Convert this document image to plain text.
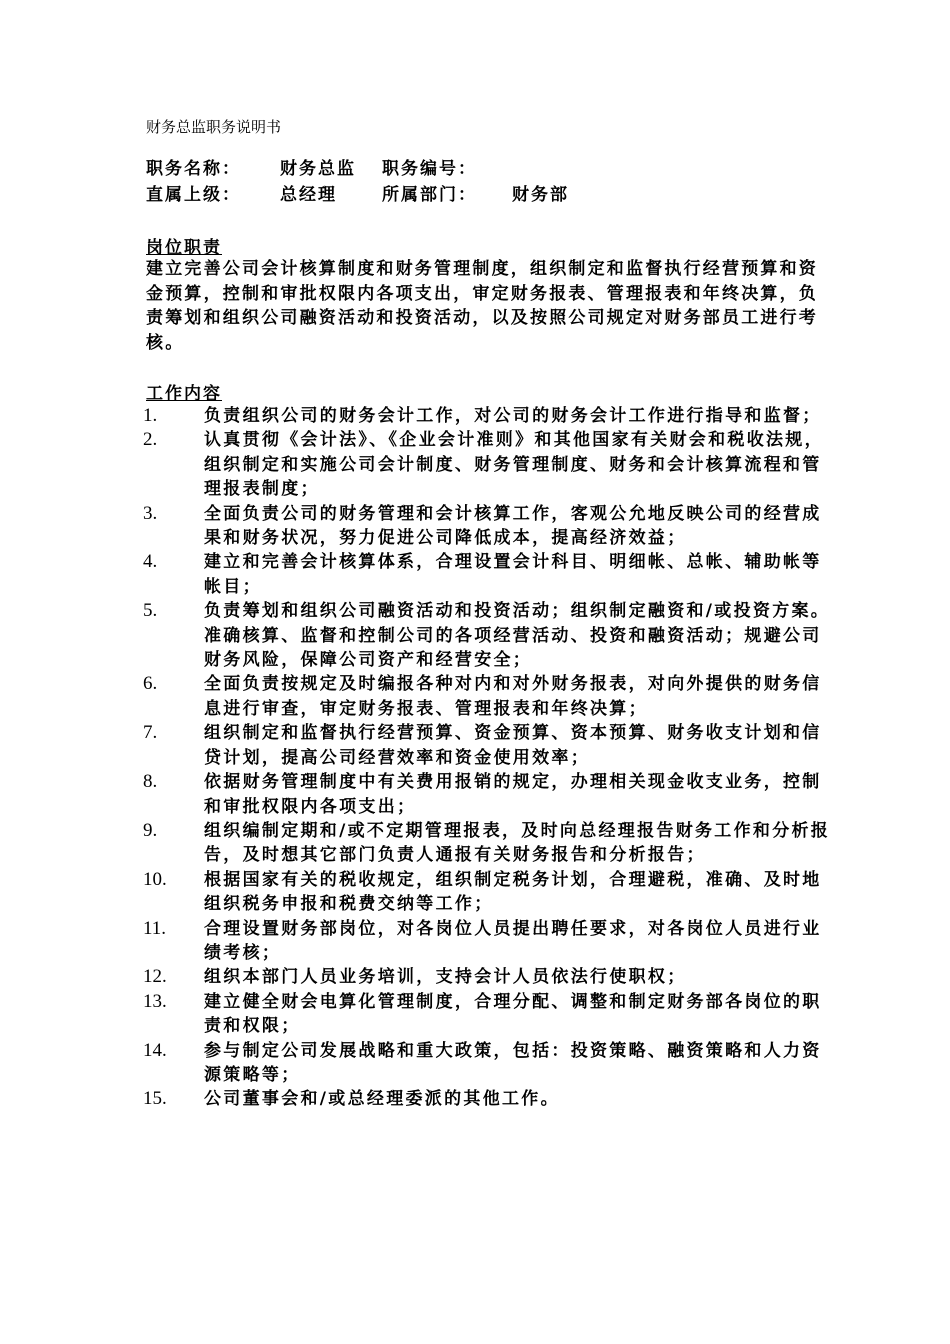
财务总监职务说明书
职务名称： 财务总监 职务编号：
直属上级： 总经理	所属部门： 财务部
岗位职责
建立完善公司会计核算制度和财务管理制度，组织制定和监督执行经营预算和资金预算，控制和审批权限内各项支出，审定财务报表、管理报表和年终决算，负责筹划和组织公司融资活动和投资活动，以及按照公司规定对财务部员工进行考核。
工作内容
1.	负责组织公司的财务会计工作，对公司的财务会计工作进行指导和监督；
2.	认真贯彻《会计法》、《企业会计准则》和其他国家有关财会和税收法规，组织制定和实施公司会计制度、财务管理制度、财务和会计核算流程和管理报表制度；
3.	全面负责公司的财务管理和会计核算工作，客观公允地反映公司的经营成果和财务状况，努力促进公司降低成本，提高经济效益；
4.	建立和完善会计核算体系，合理设置会计科目、明细帐、总帐、辅助帐等帐目；
5.	负责筹划和组织公司融资活动和投资活动；组织制定融资和/或投资方案。准确核算、监督和控制公司的各项经营活动、投资和融资活动；规避公司财务风险，保障公司资产和经营安全；
6.	全面负责按规定及时编报各种对内和对外财务报表，对向外提供的财务信息进行审查，审定财务报表、管理报表和年终决算；
7.	组织制定和监督执行经营预算、资金预算、资本预算、财务收支计划和信贷计划，提高公司经营效率和资金使用效率；
8.	依据财务管理制度中有关费用报销的规定，办理相关现金收支业务，控制和审批权限内各项支出；
9.	组织编制定期和/或不定期管理报表，及时向总经理报告财务工作和分析报告，及时想其它部门负责人通报有关财务报告和分析报告；
10. 根据国家有关的税收规定，组织制定税务计划，合理避税，准确、及时地组织税务申报和税费交纳等工作；
11. 合理设置财务部岗位，对各岗位人员提出聘任要求，对各岗位人员进行业绩考核；
12. 组织本部门人员业务培训，支持会计人员依法行使职权；
13. 建立健全财会电算化管理制度，合理分配、调整和制定财务部各岗位的职责和权限；
14. 参与制定公司发展战略和重大政策，包括：投资策略、融资策略和人力资源策略等；
15. 公司董事会和/或总经理委派的其他工作。
